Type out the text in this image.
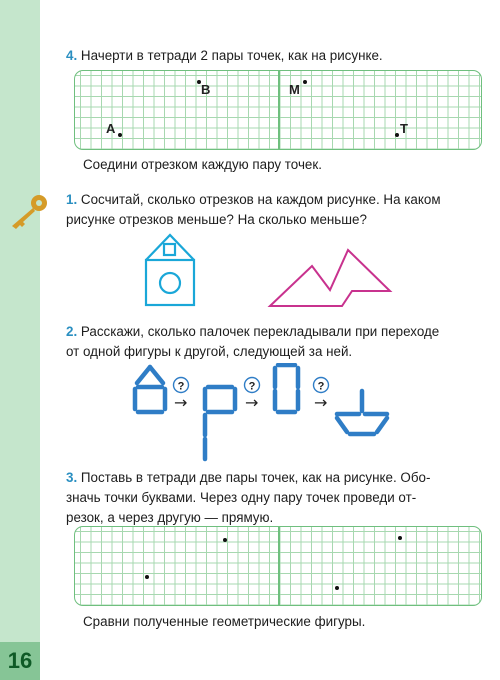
4. Начерти в тетради 2 пары точек, как на рисунке.

B	M
A	T
Соедини отрезком каждую пару точек.

1. Сосчитай, сколько отрезков на каждом рисунке. На каком

рисунке отрезков меньше? На сколько меньше?

2. Расскажи, сколько палочек перекладывали при переходе

от одной фигуры к другой, следующей за ней.

?
→
?
→
?
→

3. Поставь в тетради две пары точек, как на рисунке. Обо-

значь точки буквами. Через одну пару точек проведи от-

резок, а через другую — прямую.

Сравни полученные геометрические фигуры.
16
